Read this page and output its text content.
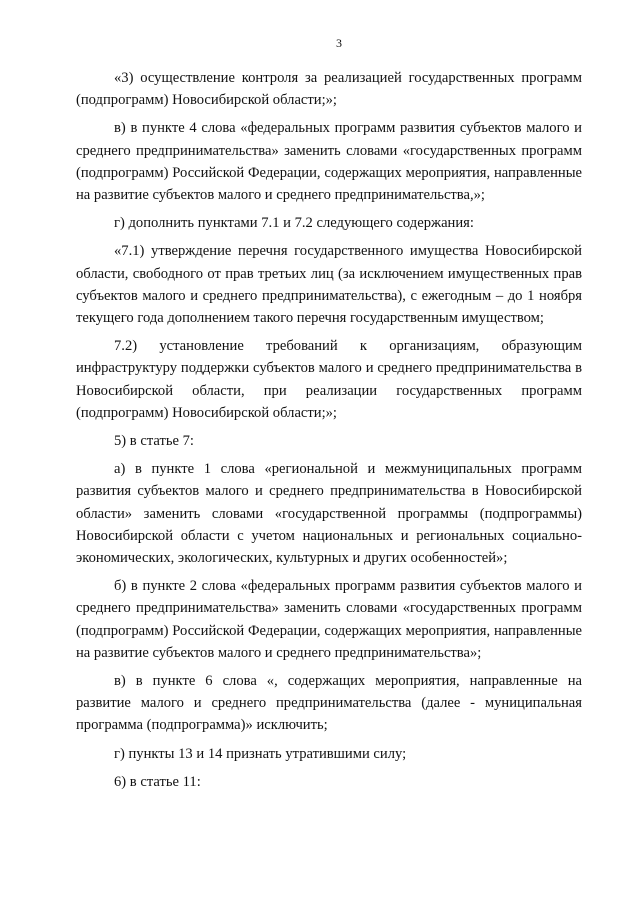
3

«3) осуществление контроля за реализацией государственных программ (подпрограмм) Новосибирской области;»;

в) в пункте 4 слова «федеральных программ развития субъектов малого и среднего предпринимательства» заменить словами «государственных программ (подпрограмм) Российской Федерации, содержащих мероприятия, направленные на развитие субъектов малого и среднего предпринимательства,»;

г) дополнить пунктами 7.1 и 7.2 следующего содержания:

«7.1) утверждение перечня государственного имущества Новосибирской области, свободного от прав третьих лиц (за исключением имущественных прав субъектов малого и среднего предпринимательства), с ежегодным – до 1 ноября текущего года дополнением такого перечня государственным имуществом;

7.2) установление требований к организациям, образующим инфраструктуру поддержки субъектов малого и среднего предпринимательства в Новосибирской области, при реализации государственных программ (подпрограмм) Новосибирской области;»;

5) в статье 7:

а) в пункте 1 слова «региональной и межмуниципальных программ развития субъектов малого и среднего предпринимательства в Новосибирской области» заменить словами «государственной программы (подпрограммы) Новосибирской области с учетом национальных и региональных социально-экономических, экологических, культурных и других особенностей»;

б) в пункте 2 слова «федеральных программ развития субъектов малого и среднего предпринимательства» заменить словами «государственных программ (подпрограмм) Российской Федерации, содержащих мероприятия, направленные на развитие субъектов малого и среднего предпринимательства»;

в) в пункте 6 слова «, содержащих мероприятия, направленные на развитие малого и среднего предпринимательства (далее - муниципальная программа (подпрограмма)» исключить;

г) пункты 13 и 14 признать утратившими силу;

6) в статье 11:
